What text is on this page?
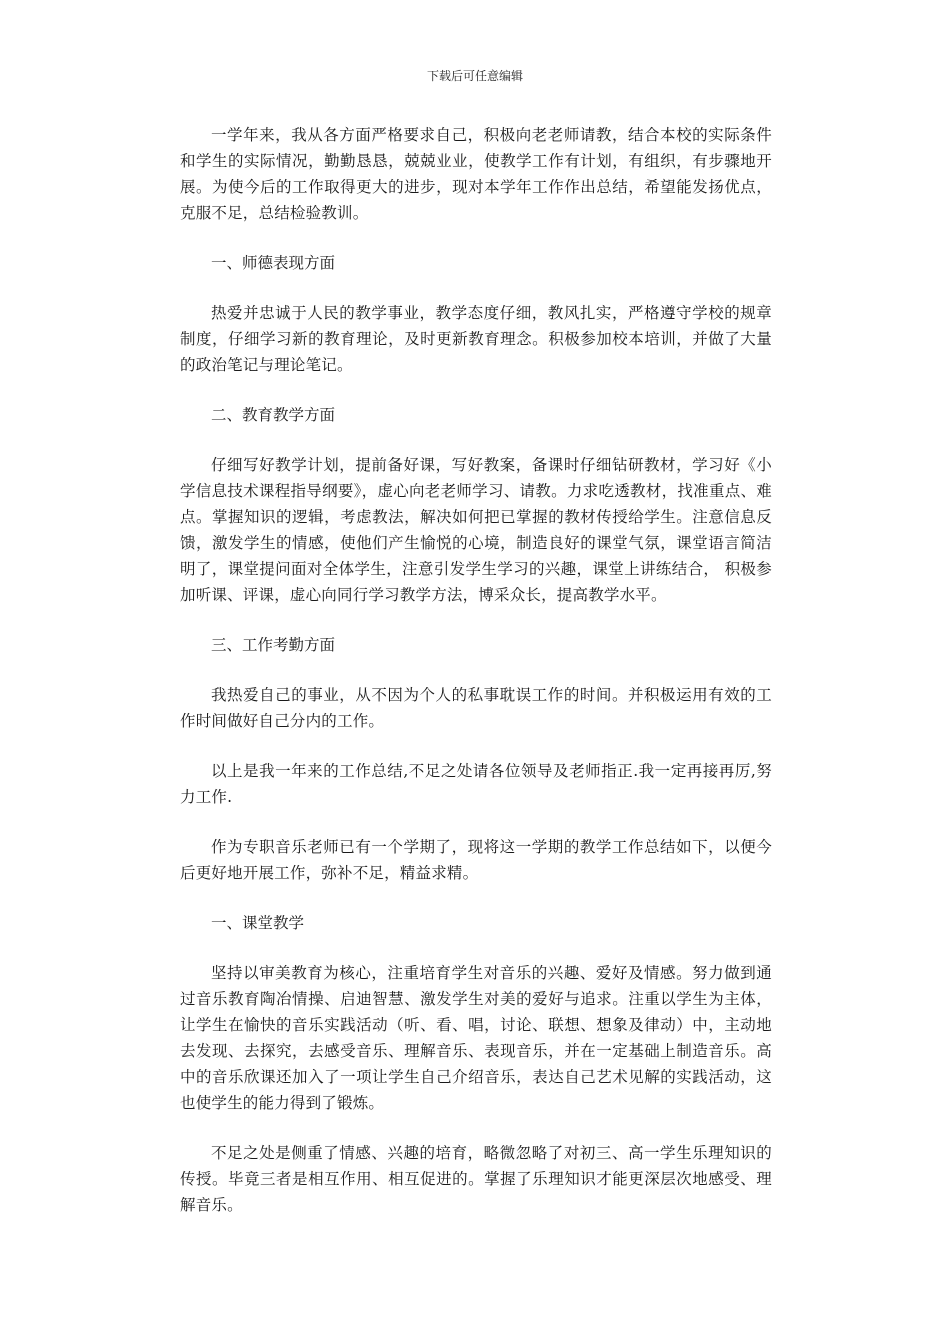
下载后可任意编辑

一学年来，我从各方面严格要求自己，积极向老老师请教，结合本校的实际条件和学生的实际情况，勤勤恳恳，兢兢业业，使教学工作有计划，有组织，有步骤地开展。为使今后的工作取得更大的进步，现对本学年工作作出总结，希望能发扬优点，克服不足，总结检验教训。

一、师德表现方面

热爱并忠诚于人民的教学事业，教学态度仔细，教风扎实，严格遵守学校的规章制度，仔细学习新的教育理论，及时更新教育理念。积极参加校本培训，并做了大量的政治笔记与理论笔记。

二、教育教学方面

仔细写好教学计划，提前备好课，写好教案，备课时仔细钻研教材，学习好《小学信息技术课程指导纲要》，虚心向老老师学习、请教。力求吃透教材，找准重点、难点。掌握知识的逻辑，考虑教法，解决如何把已掌握的教材传授给学生。注意信息反馈，激发学生的情感，使他们产生愉悦的心境，制造良好的课堂气氛，课堂语言简洁明了，课堂提问面对全体学生，注意引发学生学习的兴趣，课堂上讲练结合， 积极参加听课、评课，虚心向同行学习教学方法，博采众长，提高教学水平。

三、工作考勤方面

我热爱自己的事业，从不因为个人的私事耽误工作的时间。并积极运用有效的工作时间做好自己分内的工作。

以上是我一年来的工作总结,不足之处请各位领导及老师指正.我一定再接再厉,努力工作.

作为专职音乐老师已有一个学期了，现将这一学期的教学工作总结如下，以便今后更好地开展工作，弥补不足，精益求精。

一、课堂教学

坚持以审美教育为核心，注重培育学生对音乐的兴趣、爱好及情感。努力做到通过音乐教育陶冶情操、启迪智慧、激发学生对美的爱好与追求。注重以学生为主体，让学生在愉快的音乐实践活动（听、看、唱，讨论、联想、想象及律动）中，主动地去发现、去探究，去感受音乐、理解音乐、表现音乐，并在一定基础上制造音乐。高中的音乐欣课还加入了一项让学生自己介绍音乐，表达自己艺术见解的实践活动，这也使学生的能力得到了锻炼。

不足之处是侧重了情感、兴趣的培育，略微忽略了对初三、高一学生乐理知识的传授。毕竟三者是相互作用、相互促进的。掌握了乐理知识才能更深层次地感受、理解音乐。
